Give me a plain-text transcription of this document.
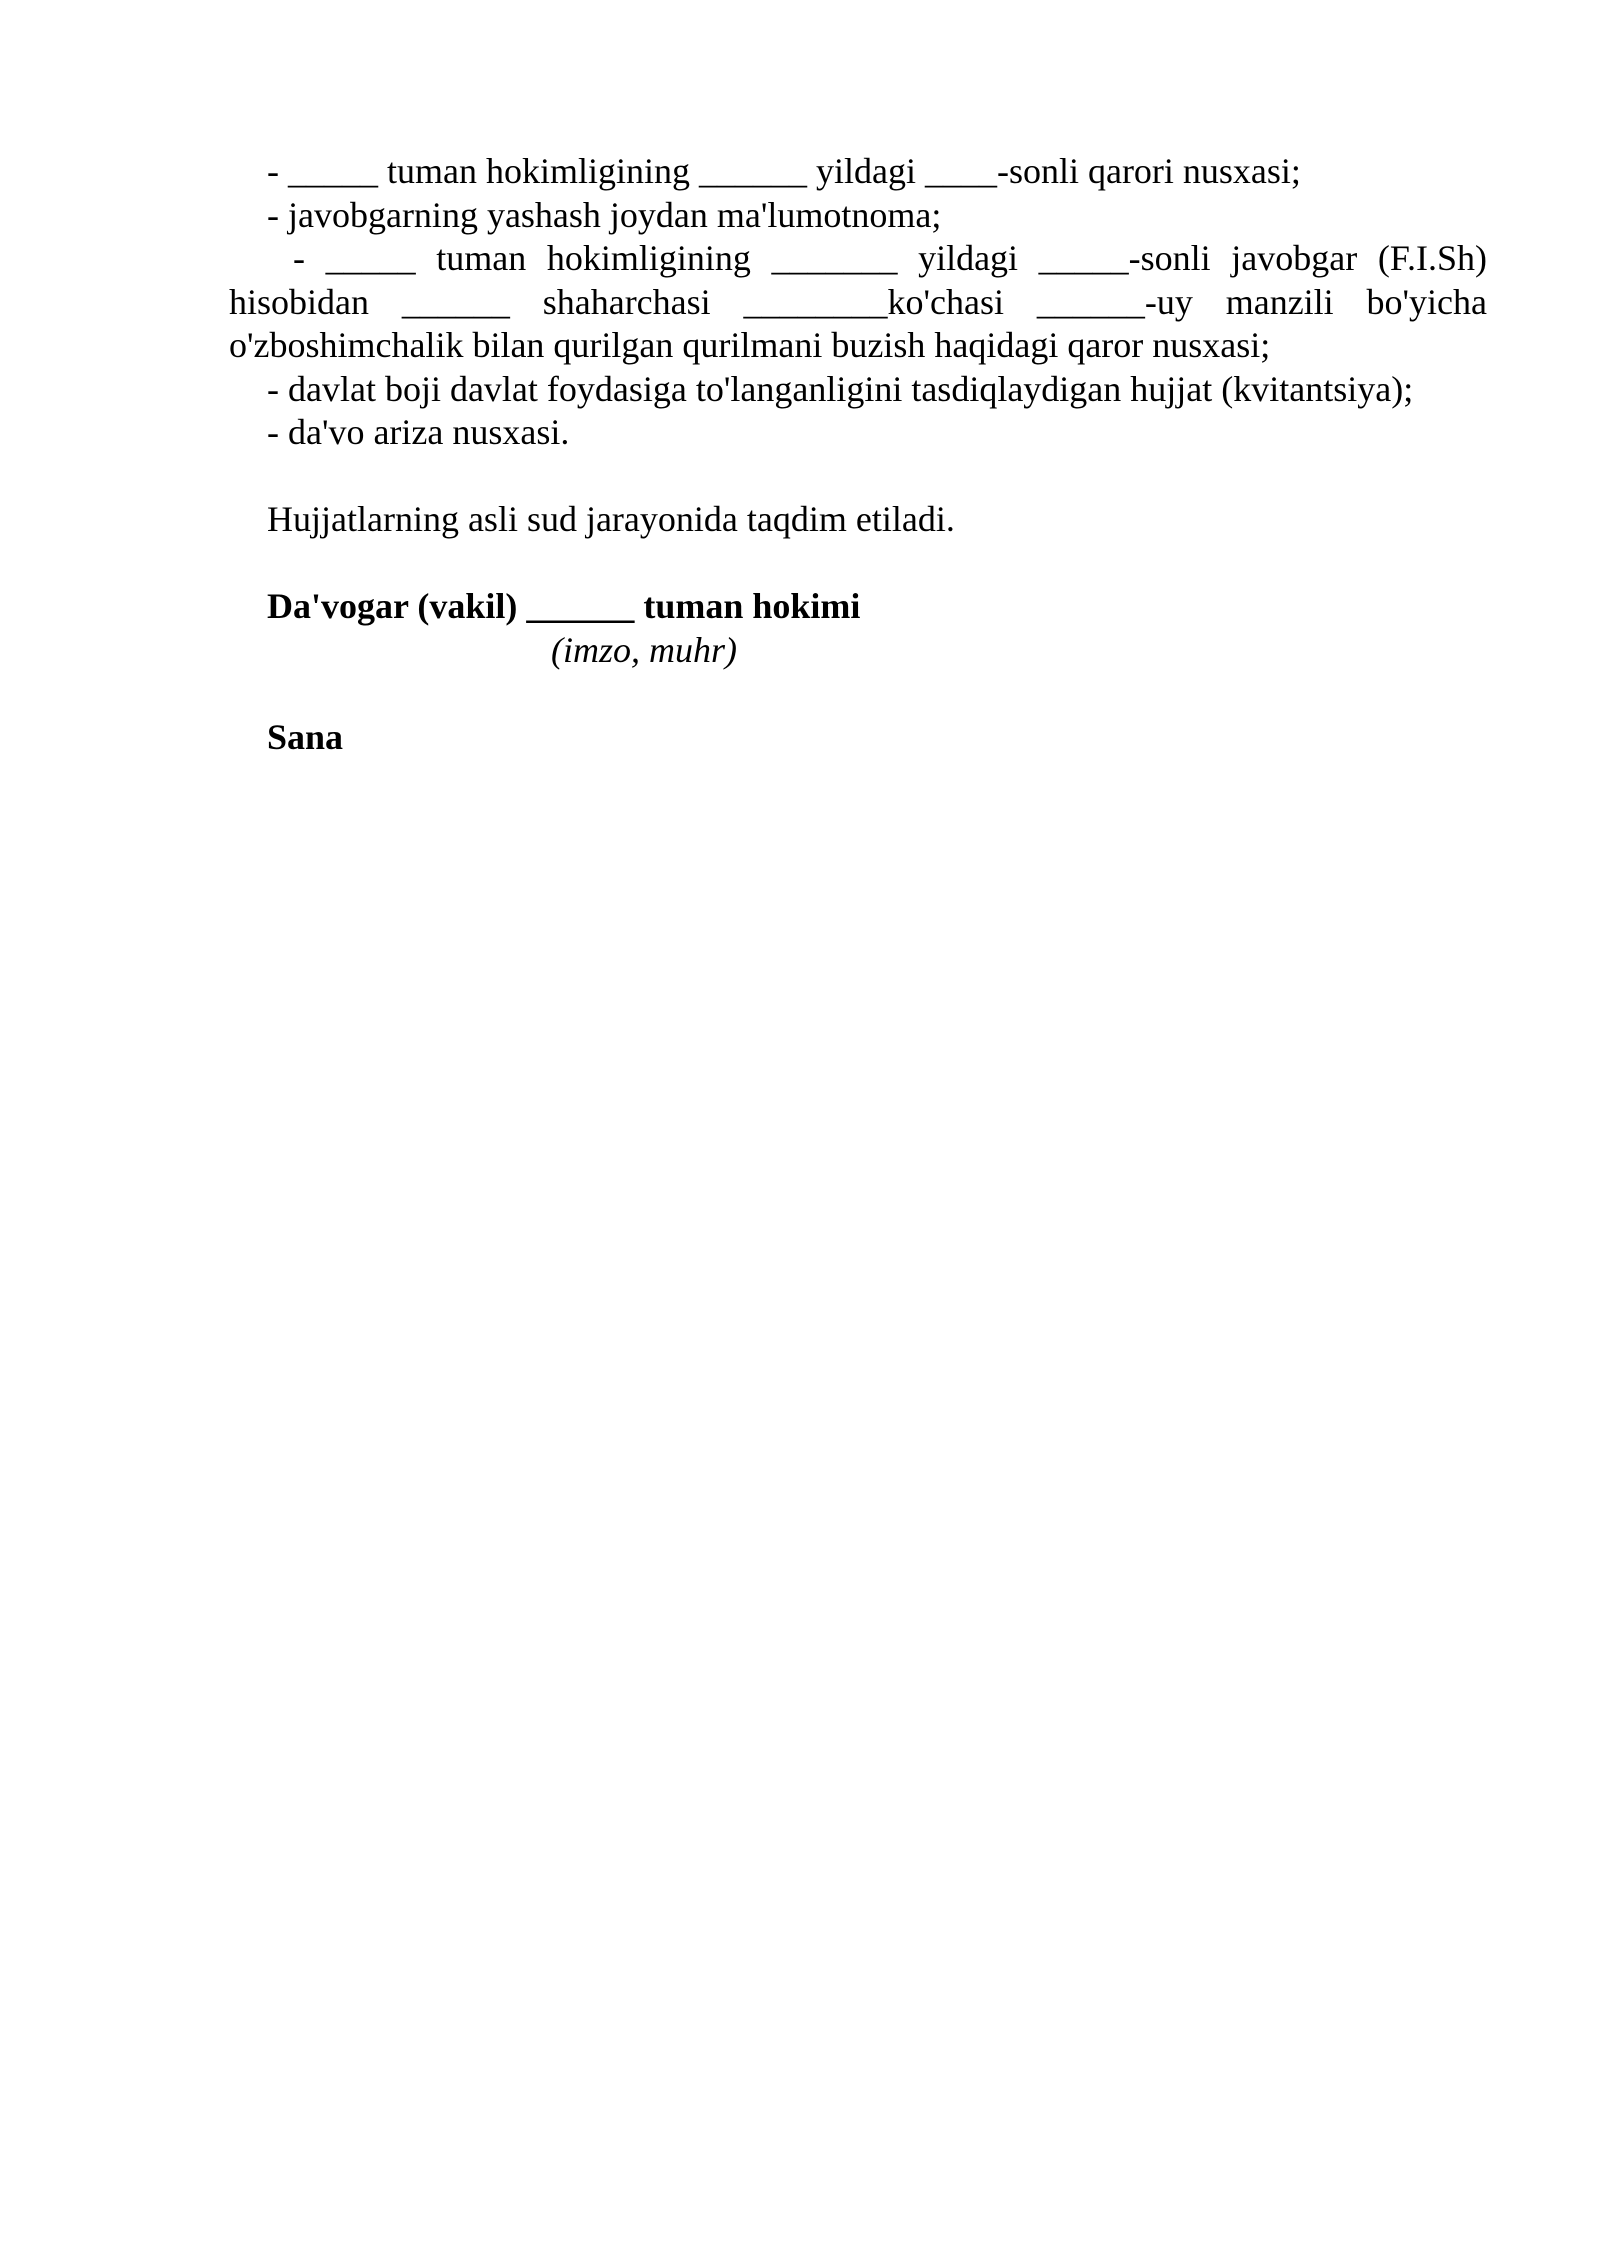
- _____ tuman hokimligining ______ yildagi ____-sonli qarori nusxasi;
- javobgarning yashash joydan ma'lumotnoma;
- _____ tuman hokimligining _______ yildagi _____-sonli javobgar (F.I.Sh)
hisobidan ______ shaharchasi ________ko'chasi ______-uy manzili bo'yicha
o'zboshimchalik bilan qurilgan qurilmani buzish haqidagi qaror nusxasi;
- davlat boji davlat foydasiga to'langanligini tasdiqlaydigan hujjat (kvitantsiya);
- da'vo ariza nusxasi.
Hujjatlarning asli sud jarayonida taqdim etiladi.
Da'vogar (vakil) ______ tuman hokimi
(imzo, muhr)
Sana
